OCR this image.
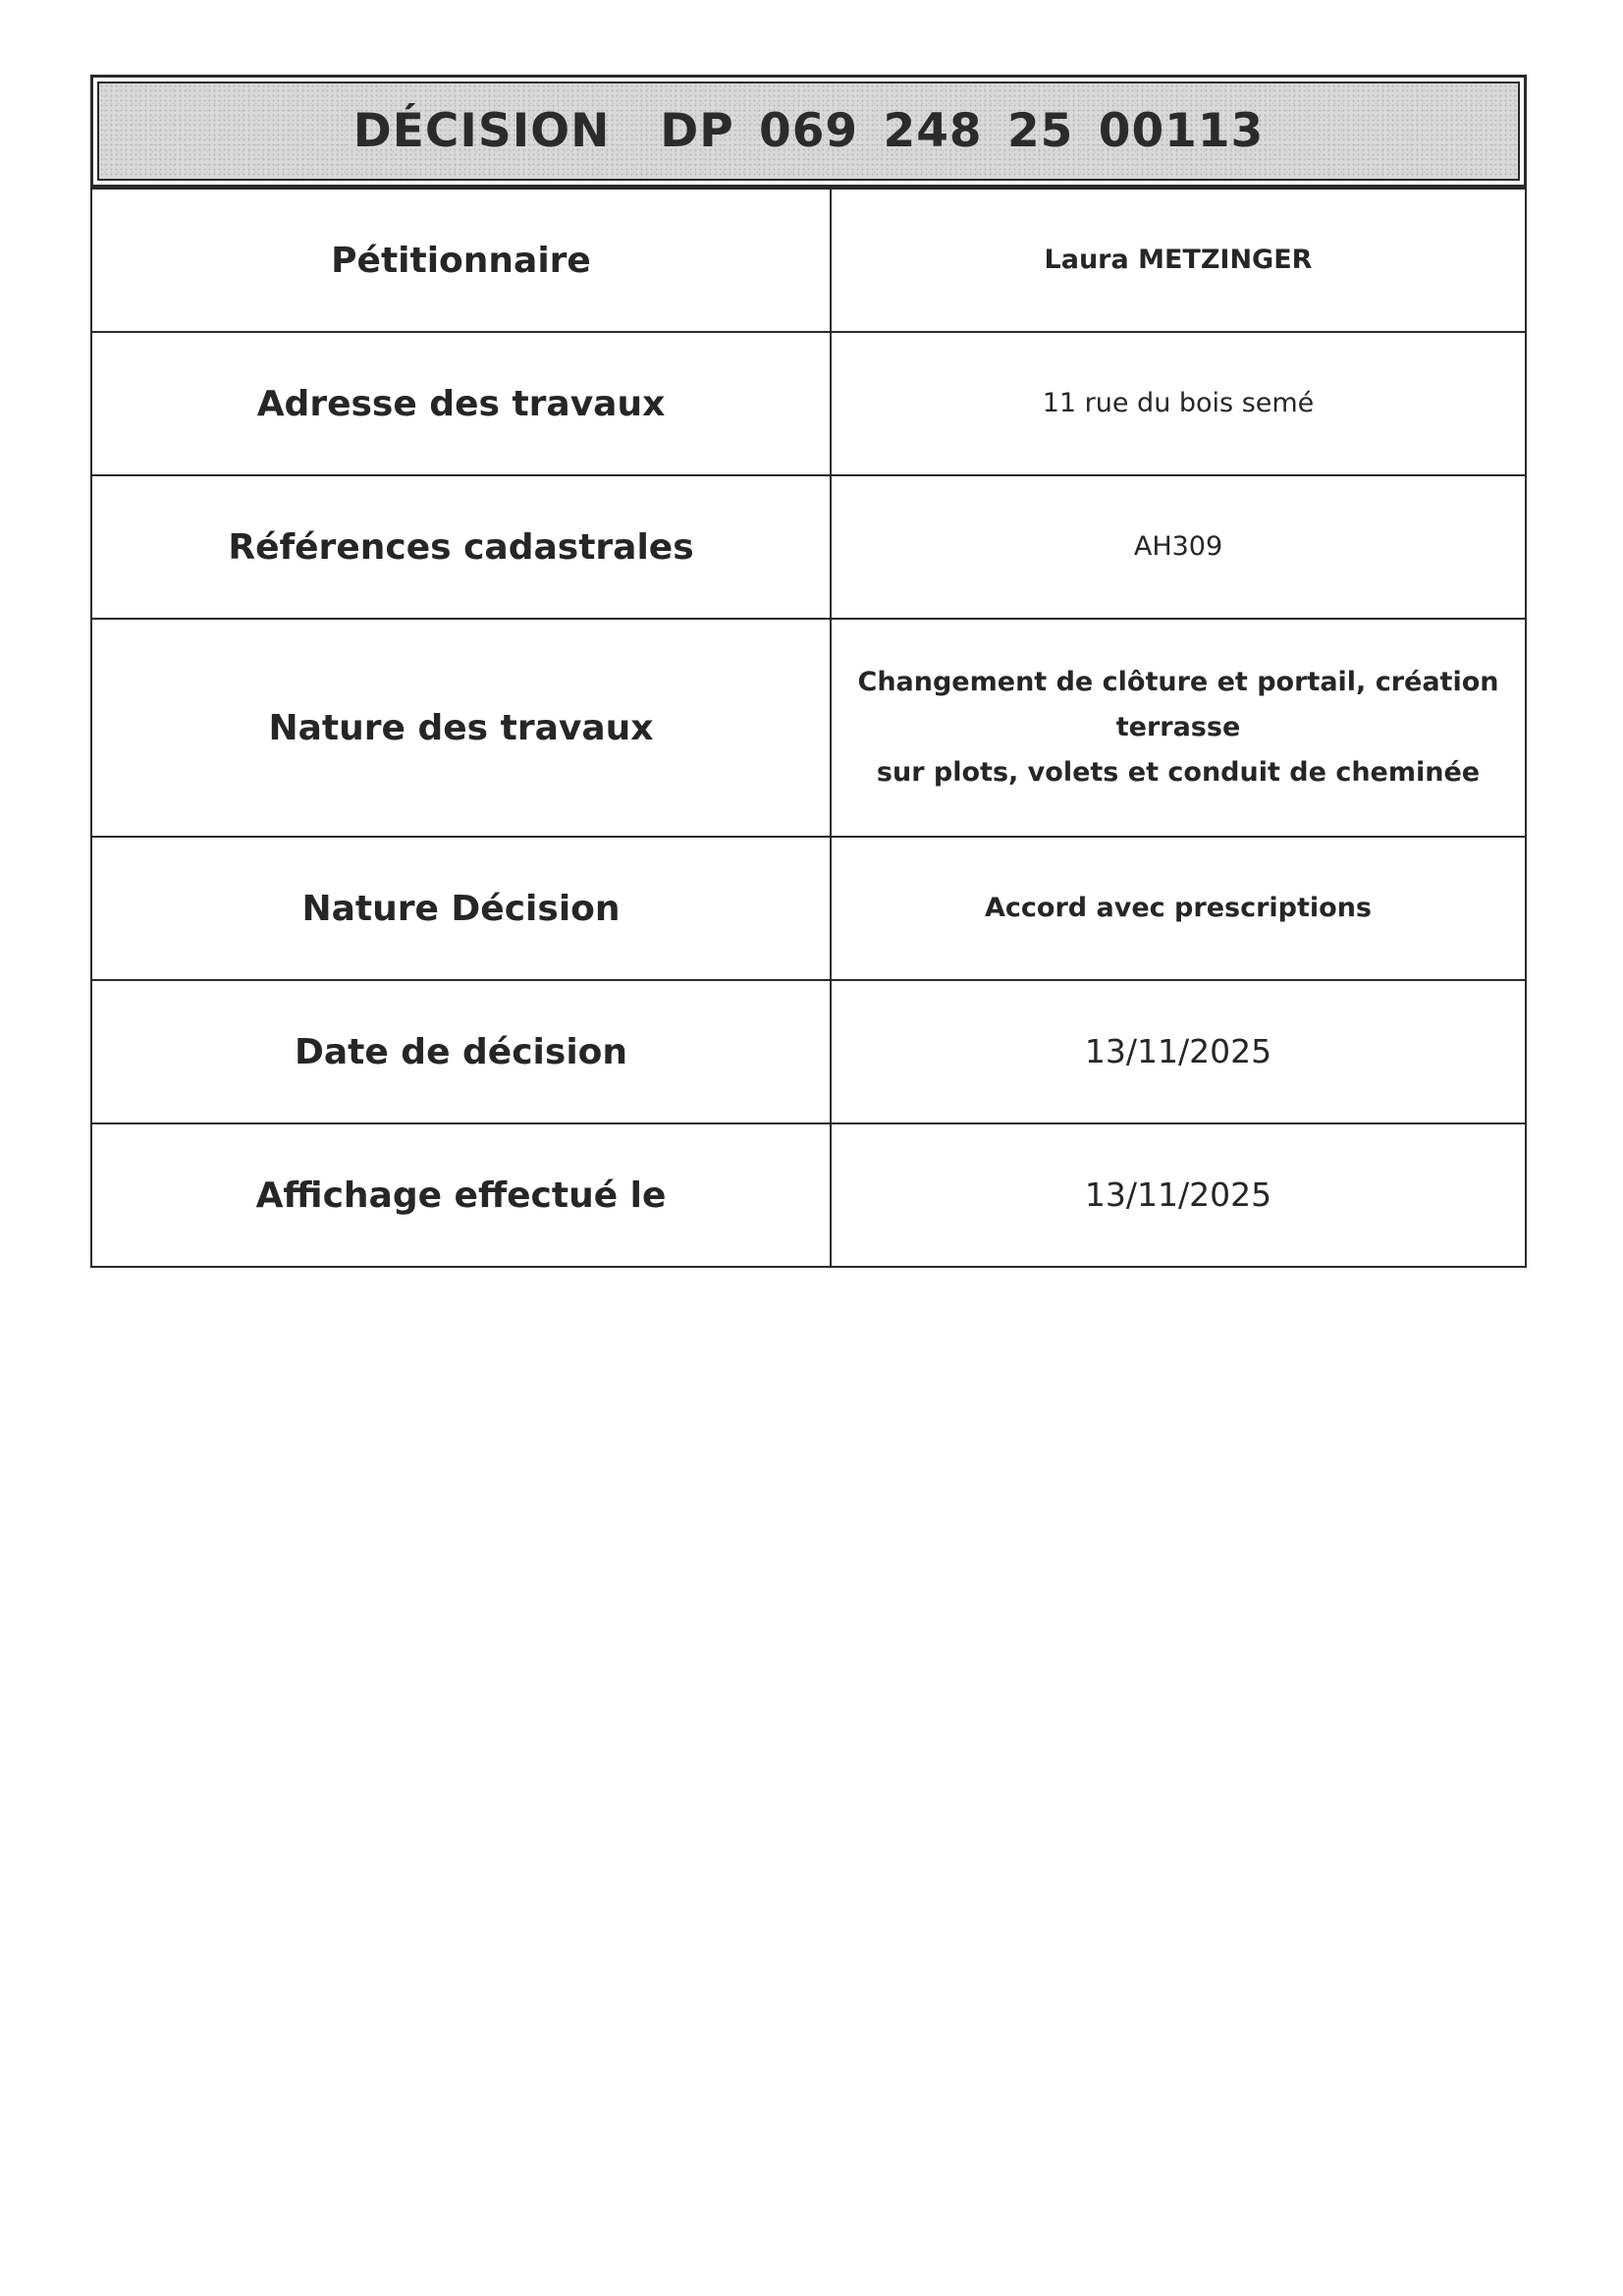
DÉCISION  DP 069 248 25 00113
Pétitionnaire	Laura METZINGER
Adresse des travaux	11 rue du bois semé
Références cadastrales	AH309
Nature des travaux	Changement de clôture et portail, création terrasse
sur plots, volets et conduit de cheminée

Nature Décision	Accord avec prescriptions
Date de décision	13/11/2025
Affichage effectué le	13/11/2025
